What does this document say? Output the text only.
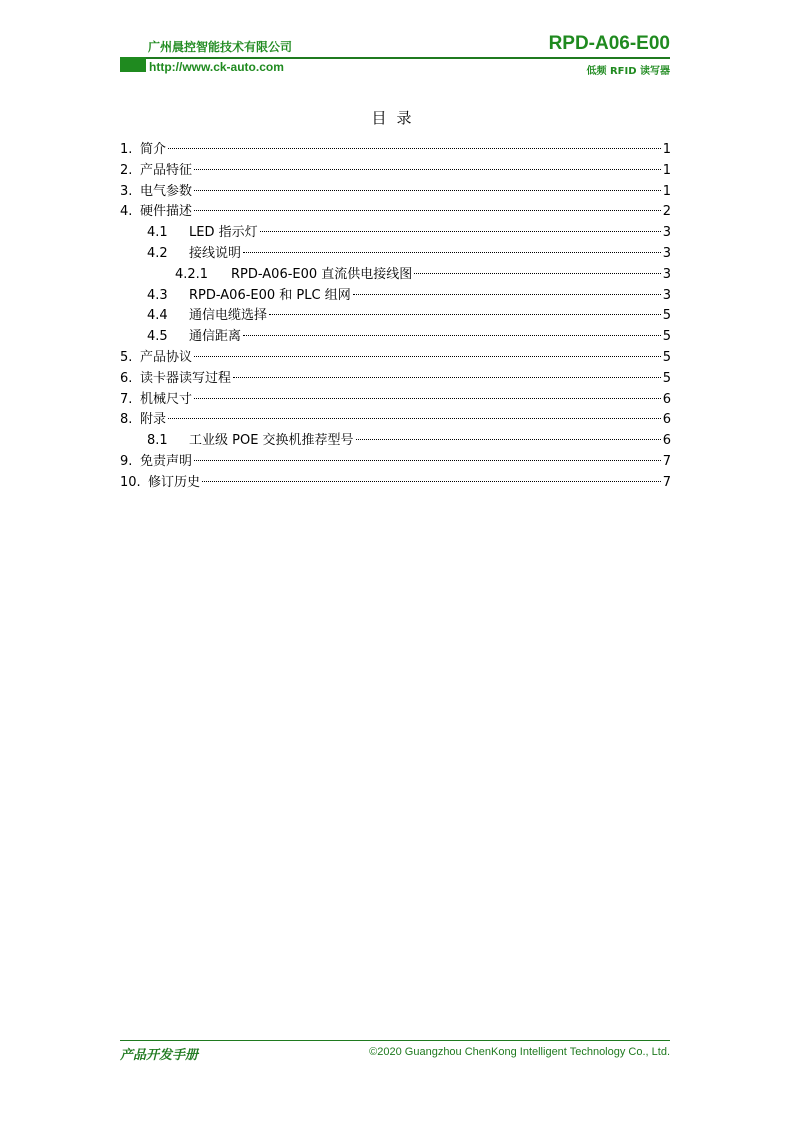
广州晨控智能技术有限公司	RPD-A06-E00
http://www.ck-auto.com	低频 RFID 读写器
目录
1. 简介	1
2. 产品特征	1
3. 电气参数	1
4. 硬件描述	2
4.1	LED 指示灯	3
4.2	接线说明	3
4.2.1	RPD-A06-E00 直流供电接线图	3
4.3	RPD-A06-E00 和 PLC 组网	3
4.4	通信电缆选择	5
4.5	通信距离	5
5. 产品协议	5
6. 读卡器读写过程	5
7. 机械尺寸	6
8. 附录	6
8.1	工业级 POE 交换机推荐型号	6
9. 免责声明	7
10. 修订历史	7
产品开发手册	©2020 Guangzhou ChenKong Intelligent Technology Co., Ltd.
